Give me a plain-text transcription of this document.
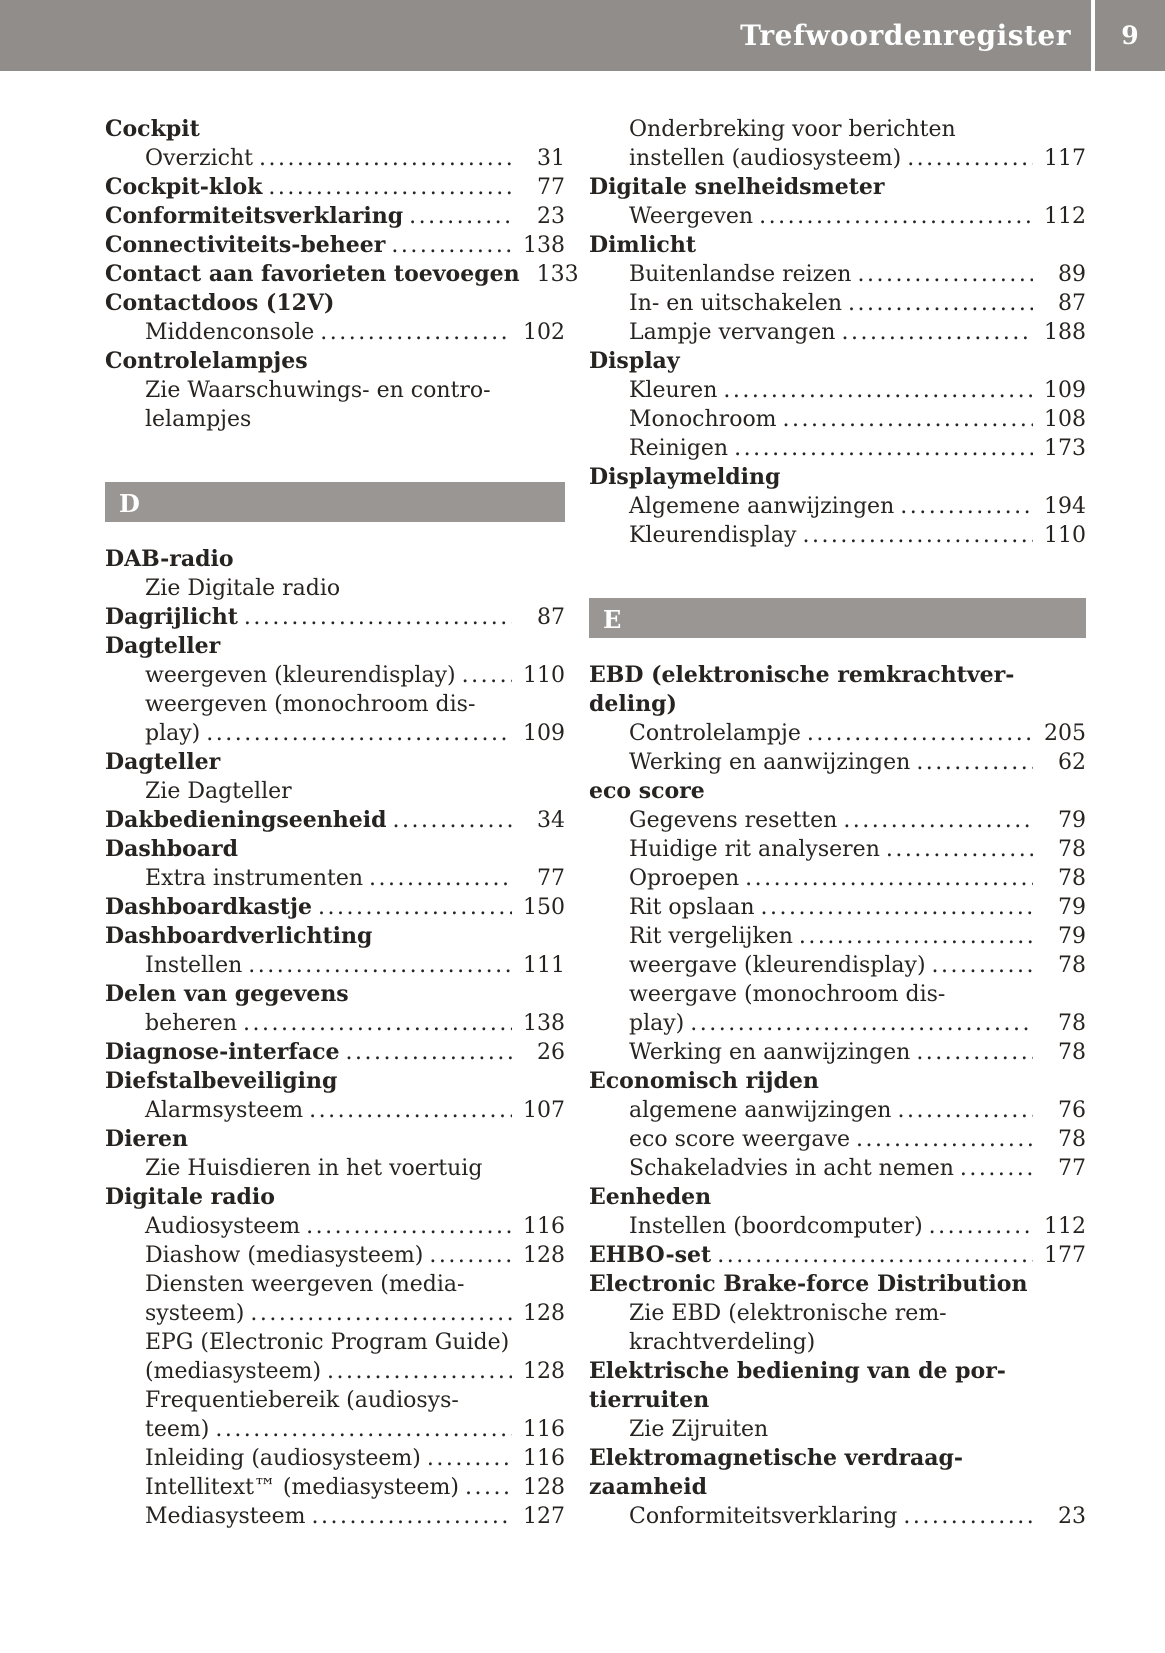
Trefwoordenregister	9
Cockpit
Overzicht .....	31
Cockpit-klok .....	77
Conformiteitsverklaring .....	23
Connectiviteits-beheer .....	138
Contact aan favorieten toevoegen 133
Contactdoos (12V)
Middenconsole .....	102
Controlelampjes
Zie Waarschuwings- en contro-
lelampjes
D
DAB-radio
Zie Digitale radio
Dagrijlicht .....	87
Dagteller
weergeven (kleurendisplay) .....	110
weergeven (monochroom dis-
play) .....	109
Dagteller
Zie Dagteller
Dakbedieningseenheid .....	34
Dashboard
Extra instrumenten .....	77
Dashboardkastje .....	150
Dashboardverlichting
Instellen .....	111
Delen van gegevens
beheren .....	138
Diagnose-interface .....	26
Diefstalbeveiliging
Alarmsysteem .....	107
Dieren
Zie Huisdieren in het voertuig
Digitale radio
Audiosysteem .....	116
Diashow (mediasysteem) .....	128
Diensten weergeven (media-
systeem) .....	128
EPG (Electronic Program Guide)
(mediasysteem) .....	128
Frequentiebereik (audiosys-
teem) .....	116
Inleiding (audiosysteem) .....	116
Intellitext™ (mediasysteem) .....	128
Mediasysteem .....	127
Onderbreking voor berichten
instellen (audiosysteem) .....	117
Digitale snelheidsmeter
Weergeven .....	112
Dimlicht
Buitenlandse reizen .....	89
In- en uitschakelen .....	87
Lampje vervangen .....	188
Display
Kleuren .....	109
Monochroom .....	108
Reinigen .....	173
Displaymelding
Algemene aanwijzingen .....	194
Kleurendisplay .....	110
E
EBD (elektronische remkrachtver-
deling)
Controlelampje .....	205
Werking en aanwijzingen .....	62
eco score
Gegevens resetten .....	79
Huidige rit analyseren .....	78
Oproepen .....	78
Rit opslaan .....	79
Rit vergelijken .....	79
weergave (kleurendisplay) .....	78
weergave (monochroom dis-
play) .....	78
Werking en aanwijzingen .....	78
Economisch rijden
algemene aanwijzingen .....	76
eco score weergave .....	78
Schakeladvies in acht nemen .....	77
Eenheden
Instellen (boordcomputer) .....	112
EHBO-set .....	177
Electronic Brake-force Distribution
Zie EBD (elektronische rem-
krachtverdeling)
Elektrische bediening van de por-
tierruiten
Zie Zijruiten
Elektromagnetische verdraag-
zaamheid
Conformiteitsverklaring .....	23
